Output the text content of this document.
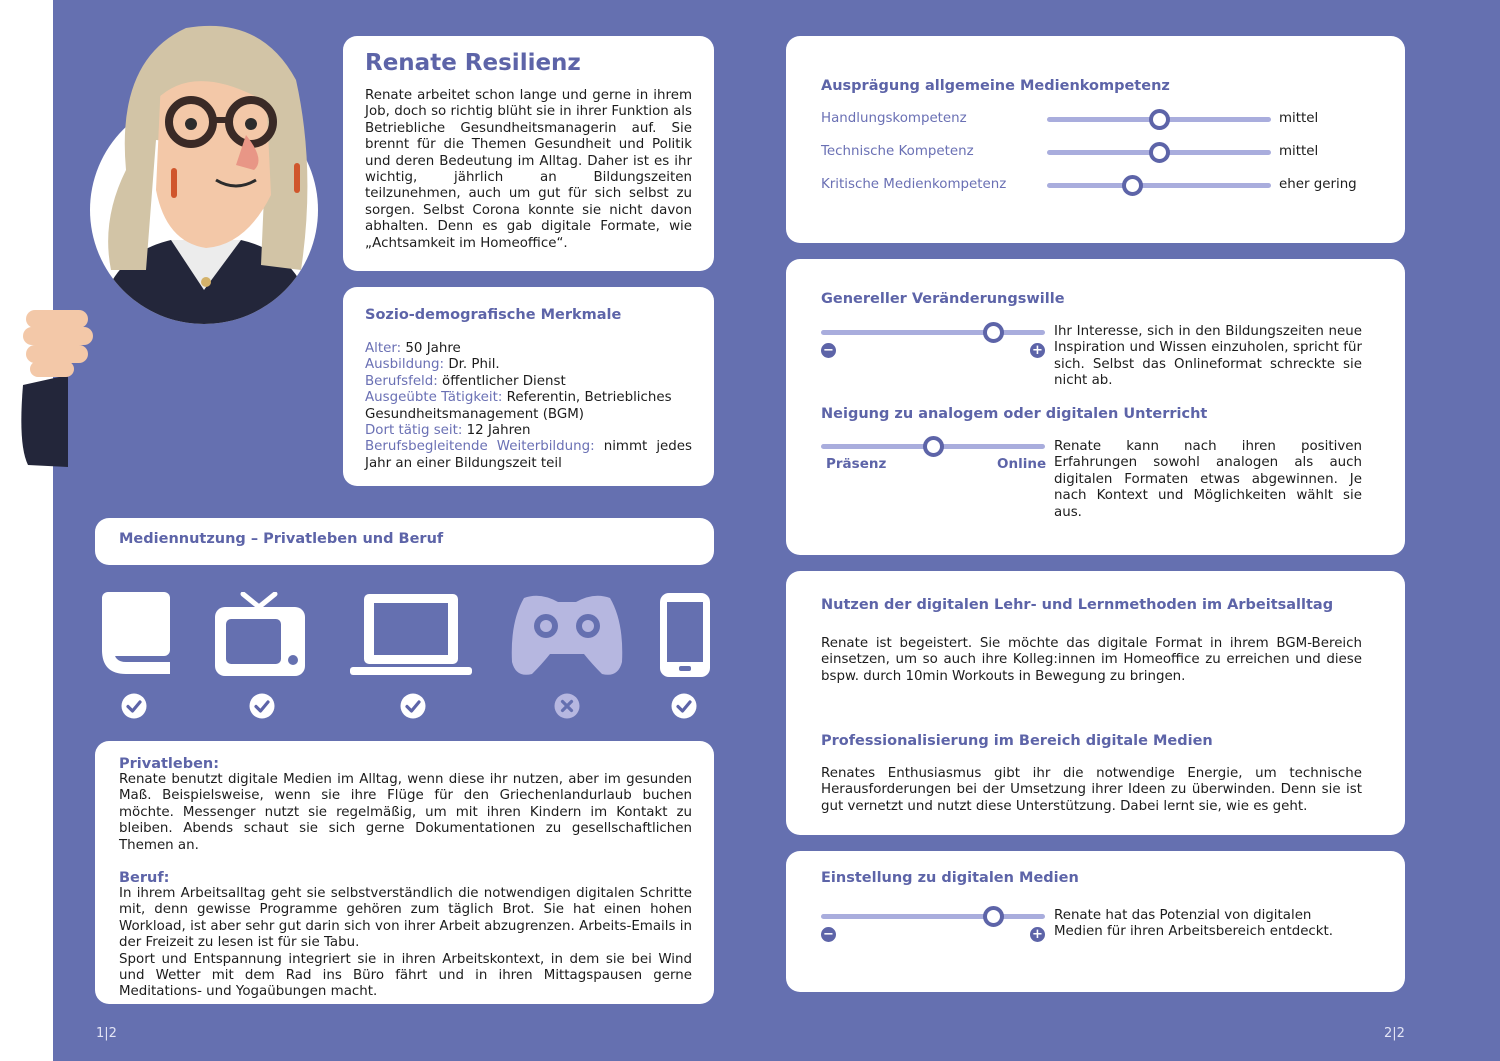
Renate Resilienz
Renate arbeitet schon lange und gerne in ihrem Job, doch so richtig blüht sie in ihrer Funktion als Betriebliche Gesundheitsmanagerin auf. Sie brennt für die Themen Gesundheit und Politik und deren Bedeutung im Alltag. Daher ist es ihr wichtig, jährlich an Bildungszeiten teilzunehmen, auch um gut für sich selbst zu sorgen. Selbst Corona konnte sie nicht davon abhalten. Denn es gab digitale Formate, wie „Achtsamkeit im Homeoffice“.
Sozio-demografische Merkmale
Alter: 50 Jahre
Ausbildung: Dr. Phil.
Berufsfeld: öffentlicher Dienst
Ausgeübte Tätigkeit: Referentin, Betriebliches Gesundheitsmanagement (BGM)
Dort tätig seit: 12 Jahren
Berufsbegleitende Weiterbildung: nimmt jedes Jahr an einer Bildungszeit teil
Mediennutzung – Privatleben und Beruf
Privatleben:
Renate benutzt digitale Medien im Alltag, wenn diese ihr nutzen, aber im gesunden Maß. Beispielsweise, wenn sie ihre Flüge für den Griechenlandurlaub buchen möchte. Messenger nutzt sie regelmäßig, um mit ihren Kindern im Kontakt zu bleiben. Abends schaut sie sich gerne Dokumentationen zu gesellschaftlichen Themen an.
Beruf:
In ihrem Arbeitsalltag geht sie selbstverständlich die notwendigen digitalen Schritte mit, denn gewisse Programme gehören zum täglich Brot. Sie hat einen hohen Workload, ist aber sehr gut darin sich von ihrer Arbeit abzugrenzen. Arbeits-Emails in der Freizeit zu lesen ist für sie Tabu.
Sport und Entspannung integriert sie in ihren Arbeitskontext, in dem sie bei Wind und Wetter mit dem Rad ins Büro fährt und in ihren Mittagspausen gerne Meditations- und Yogaübungen macht.
Ausprägung allgemeine Medienkompetenz
Handlungskompetenz	mittel
Technische Kompetenz	mittel
Kritische Medienkompetenz	eher gering
Genereller Veränderungswille
−	+
Ihr Interesse, sich in den Bildungszeiten neue Inspiration und Wissen einzuholen, spricht für sich. Selbst das Onlineformat schreckte sie nicht ab.
Neigung zu analogem oder digitalen Unterricht
Präsenz	Online
Renate kann nach ihren positiven Erfahrungen sowohl analogen als auch digitalen Formaten etwas abgewinnen. Je nach Kontext und Möglichkeiten wählt sie aus.
Nutzen der digitalen Lehr- und Lernmethoden im Arbeitsalltag
Renate ist begeistert. Sie möchte das digitale Format in ihrem BGM-Bereich einsetzen, um so auch ihre Kolleg:innen im Homeoffice zu erreichen und diese bspw. durch 10min Workouts in Bewegung zu bringen.
Professionalisierung im Bereich digitale Medien
Renates Enthusiasmus gibt ihr die notwendige Energie, um technische Herausforderungen bei der Umsetzung ihrer Ideen zu überwinden. Denn sie ist gut vernetzt und nutzt diese Unterstützung. Dabei lernt sie, wie es geht.
Einstellung zu digitalen Medien
−	+
Renate hat das Potenzial von digitalen Medien für ihren Arbeitsbereich entdeckt.
1|2	2|2
